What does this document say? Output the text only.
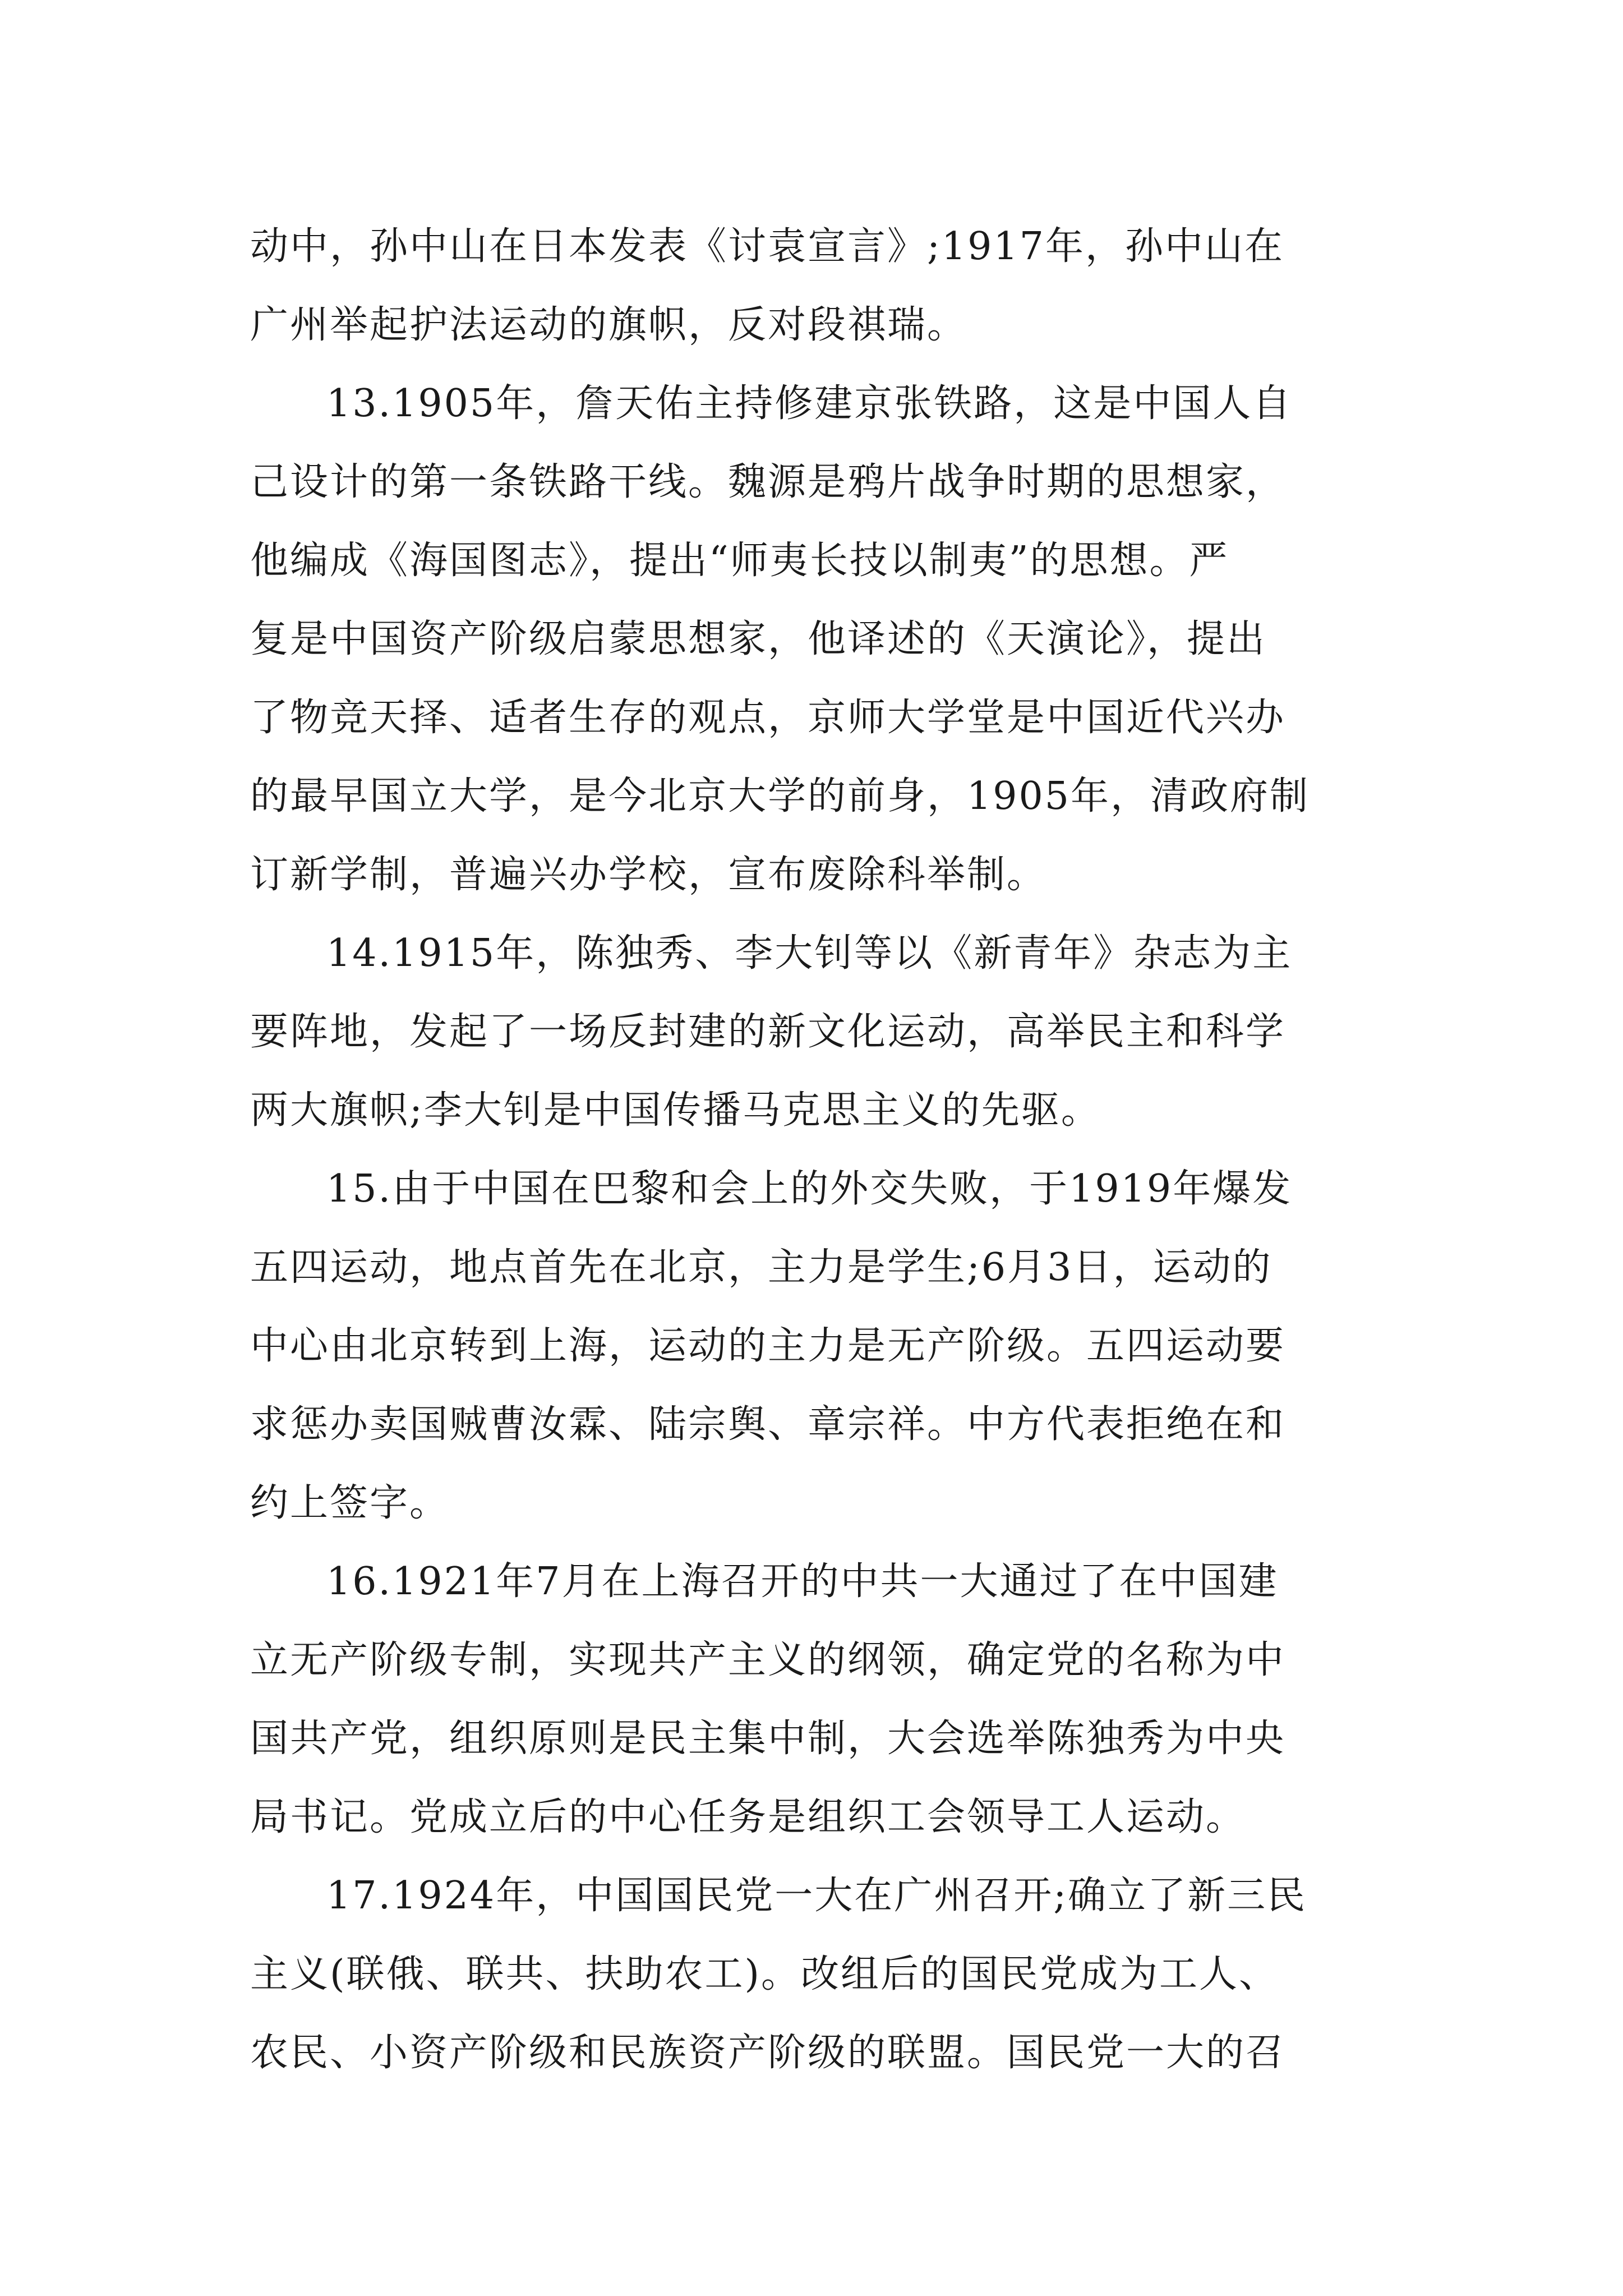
动中，孙中山在日本发表《讨袁宣言》;1917年，孙中山在
广州举起护法运动的旗帜，反对段祺瑞。
13.1905年，詹天佑主持修建京张铁路，这是中国人自
己设计的第一条铁路干线。魏源是鸦片战争时期的思想家，
他编成《海国图志》，提出“师夷长技以制夷”的思想。严
复是中国资产阶级启蒙思想家，他译述的《天演论》，提出
了物竞天择、适者生存的观点，京师大学堂是中国近代兴办
的最早国立大学，是今北京大学的前身，1905年，清政府制
订新学制，普遍兴办学校，宣布废除科举制。
14.1915年，陈独秀、李大钊等以《新青年》杂志为主
要阵地，发起了一场反封建的新文化运动，高举民主和科学
两大旗帜;李大钊是中国传播马克思主义的先驱。
15.由于中国在巴黎和会上的外交失败，于1919年爆发
五四运动，地点首先在北京，主力是学生;6月3日，运动的
中心由北京转到上海，运动的主力是无产阶级。五四运动要
求惩办卖国贼曹汝霖、陆宗舆、章宗祥。中方代表拒绝在和
约上签字。
16.1921年7月在上海召开的中共一大通过了在中国建
立无产阶级专制，实现共产主义的纲领，确定党的名称为中
国共产党，组织原则是民主集中制，大会选举陈独秀为中央
局书记。党成立后的中心任务是组织工会领导工人运动。
17.1924年，中国国民党一大在广州召开;确立了新三民
主义(联俄、联共、扶助农工)。改组后的国民党成为工人、
农民、小资产阶级和民族资产阶级的联盟。国民党一大的召
